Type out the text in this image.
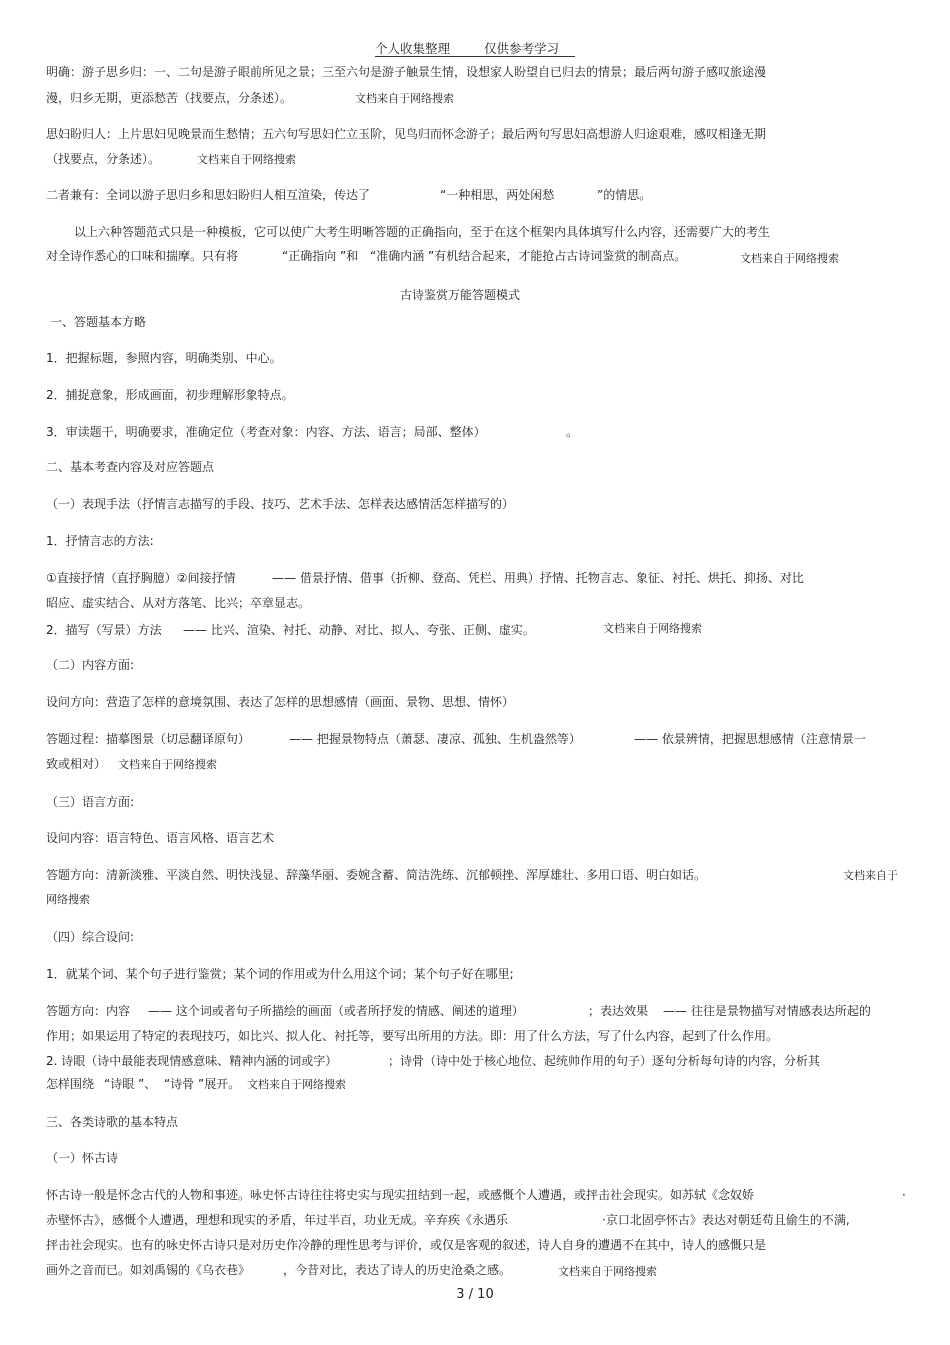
个人收集整理	仅供参考学习
明确：游子思乡归：一、二句是游子眼前所见之景；三至六句是游子触景生情，设想家人盼望自已归去的情景；最后两句游子感叹旅途漫
漫，归乡无期，更添愁苦（找要点，分条述）。	文档来自于网络搜索
思妇盼归人：上片思妇见晚景而生愁情；五六句写思妇伫立玉阶，见鸟归而怀念游子；最后两句写思妇高想游人归途艰难，感叹相逢无期
（找要点，分条述）。	文档来自于网络搜索
二者兼有：全词以游子思归乡和思妇盼归人相互渲染，传达了	“一种相思，两处闲愁	”的情思。
以上六种答题范式只是一种模板，它可以使广大考生明晰答题的正确指向，至于在这个框架内具体填写什么内容，还需要广大的考生
对全诗作悉心的口味和揣摩。只有将	“正确指向 ”和 “准确内涵 ”有机结合起来，才能抢占古诗词鉴赏的制高点。	文档来自于网络搜索
古诗鉴赏万能答题模式
一、答题基本方略
1．把握标题，参照内容，明确类别、中心。
2．捕捉意象，形成画面，初步理解形象特点。
3．审读题干，明确要求，准确定位（考查对象：内容、方法、语言；局部、整体）	。
二、基本考查内容及对应答题点
（一）表现手法（抒情言志描写的手段、技巧、艺术手法、怎样表达感情活怎样描写的）
1．抒情言志的方法:
①直接抒情（直抒胸臆）②间接抒情	—— 借景抒情、借事（折柳、登高、凭栏、用典）抒情、托物言志、象征、衬托、烘托、抑扬、对比
昭应、虚实结合、从对方落笔、比兴；卒章显志。
2．描写（写景）方法 —— 比兴、渲染、衬托、动静、对比、拟人、夸张、正侧、虚实。	文档来自于网络搜索
（二）内容方面:
设问方向：营造了怎样的意境氛围、表达了怎样的思想感情（画面、景物、思想、情怀）
答题过程：描摹图景（切忌翻译原句）	—— 把握景物特点（萧瑟、凄凉、孤独、生机盎然等）	—— 依景辨情，把握思想感情（注意情景一
致或相对） 文档来自于网络搜索
（三）语言方面:
设问内容：语言特色、语言风格、语言艺术
答题方向：清新淡雅、平淡自然、明快浅显、辞藻华丽、委婉含蓄、简洁洗练、沉郁顿挫、浑厚雄壮、多用口语、明白如话。	文档来自于
网络搜索
（四）综合设问:
1．就某个词、某个句子进行鉴赏；某个词的作用或为什么用这个词；某个句子好在哪里;
答题方向：内容 —— 这个词或者句子所描绘的画面（或者所抒发的情感、阐述的道理）	；表达效果 —— 往往是景物描写对情感表达所起的
作用；如果运用了特定的表现技巧，如比兴、拟人化、衬托等，要写出所用的方法。即：用了什么方法，写了什么内容，起到了什么作用。
2. 诗眼（诗中最能表现情感意味、精神内涵的词或字）	；诗骨（诗中处于核心地位、起统帅作用的句子）逐句分析每句诗的内容，分析其
怎样围绕 “诗眼 ”、 “诗骨 ”展开。 文档来自于网络搜索
三、各类诗歌的基本特点
（一）怀古诗
怀古诗一般是怀念古代的人物和事迹。咏史怀古诗往往将史实与现实扭结到一起，或感慨个人遭遇，或抨击社会现实。如苏轼《念奴娇	·
赤壁怀古》，感慨个人遭遇，理想和现实的矛盾，年过半百，功业无成。辛弃疾《永遇乐	·京口北固亭怀古》表达对朝廷苟且偷生的不满,
抨击社会现实。也有的咏史怀古诗只是对历史作冷静的理性思考与评价，或仅是客观的叙述，诗人自身的遭遇不在其中，诗人的感慨只是
画外之音而已。如刘禹锡的《乌衣巷》	，今昔对比，表达了诗人的历史沧桑之感。	文档来自于网络搜索
3 / 10
